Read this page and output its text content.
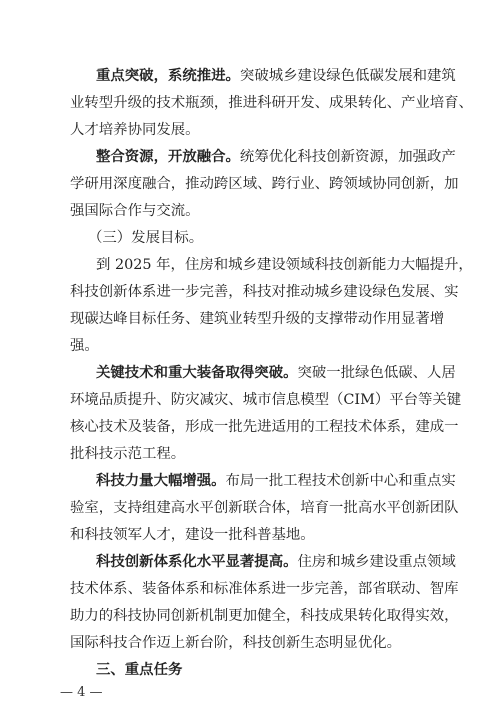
重点突破，系统推进。突破城乡建设绿色低碳发展和建筑
业转型升级的技术瓶颈，推进科研开发、成果转化、产业培育、
人才培养协同发展。
整合资源，开放融合。统筹优化科技创新资源，加强政产
学研用深度融合，推动跨区域、跨行业、跨领域协同创新，加
强国际合作与交流。
（三）发展目标。
到 2025 年，住房和城乡建设领域科技创新能力大幅提升，
科技创新体系进一步完善，科技对推动城乡建设绿色发展、实
现碳达峰目标任务、建筑业转型升级的支撑带动作用显著增
强。
关键技术和重大装备取得突破。突破一批绿色低碳、人居
环境品质提升、防灾减灾、城市信息模型（CIM）平台等关键
核心技术及装备，形成一批先进适用的工程技术体系，建成一
批科技示范工程。
科技力量大幅增强。布局一批工程技术创新中心和重点实
验室，支持组建高水平创新联合体，培育一批高水平创新团队
和科技领军人才，建设一批科普基地。
科技创新体系化水平显著提高。住房和城乡建设重点领域
技术体系、装备体系和标准体系进一步完善，部省联动、智库
助力的科技协同创新机制更加健全，科技成果转化取得实效，
国际科技合作迈上新台阶，科技创新生态明显优化。
三、重点任务
— 4 —
